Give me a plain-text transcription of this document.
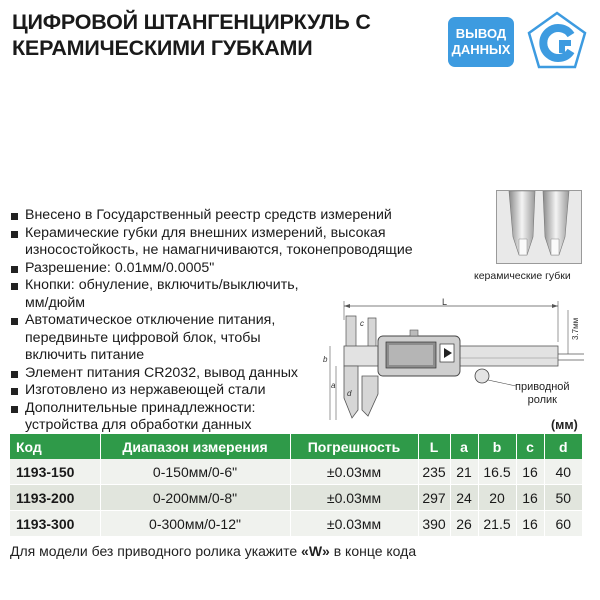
ЦИФРОВОЙ ШТАНГЕНЦИРКУЛЬ С
КЕРАМИЧЕСКИМИ ГУБКАМИ
ВЫВОД
ДАННЫХ
Внесено в Государственный реестр средств измерений
Керамические губки для внешних измерений, высокая износостойкость, не намагничиваются, токонепроводящие
Разрешение: 0.01мм/0.0005"
Кнопки: обнуление, включить/выключить, мм/дюйм
Автоматическое отключение питания, передвиньте цифровой блок, чтобы включить питание
Элемент питания CR2032, вывод данных
Изготовлено из нержавеющей стали
Дополнительные принадлежности: устройства для обработки данных
керамические губки
L
c
d
b
a
3.7мм
приводной
ролик
(мм)
Код	Диапазон измерения	Погрешность	L	a	b	c	d
1193-150	0-150мм/0-6"	±0.03мм	235	21	16.5	16	40
1193-200	0-200мм/0-8"	±0.03мм	297	24	20	16	50
1193-300	0-300мм/0-12"	±0.03мм	390	26	21.5	16	60
Для модели без приводного ролика укажите «W» в конце кода
